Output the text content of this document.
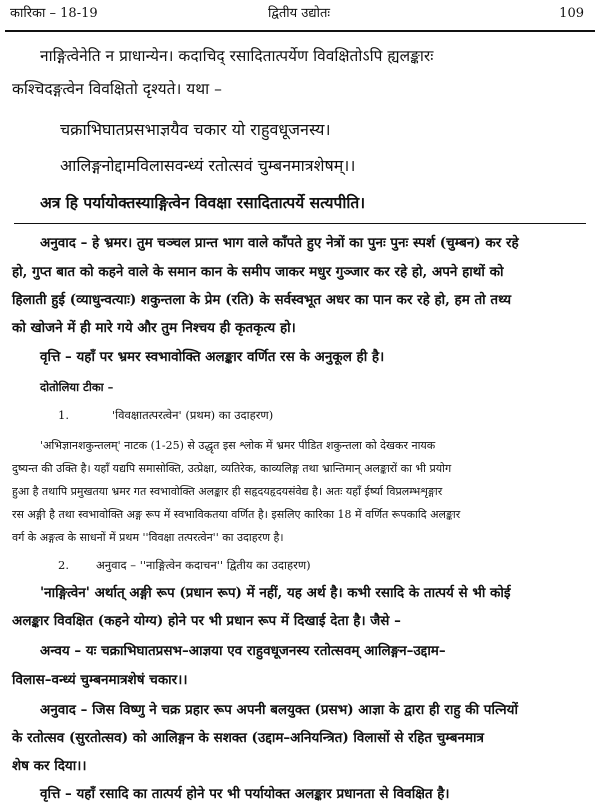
कारिका – 18-19	द्वितीय उद्योतः	109
नाङ्गित्वेनेति न प्राधान्येन। कदाचिद् रसादितात्पर्येण विवक्षितोऽपि ह्यलङ्कारः
कश्चिदङ्गत्वेन विवक्षितो दृश्यते। यथा –
चक्राभिघातप्रसभाज्ञयैव चकार यो राहुवधूजनस्य।
आलिङ्गनोद्दामविलासवन्ध्यं रतोत्सवं चुम्बनमात्रशेषम्।।
अत्र हि पर्यायोक्तस्याङ्गित्वेन विवक्षा रसादितात्पर्ये सत्यपीति।
अनुवाद – हे भ्रमर। तुम चञ्चल प्रान्त भाग वाले काँपते हुए नेत्रों का पुनः पुनः स्पर्श (चुम्बन) कर रहे
हो, गुप्त बात को कहने वाले के समान कान के समीप जाकर मधुर गुञ्जार कर रहे हो, अपने हाथों को
हिलाती हुई (व्याधुन्वत्याः) शकुन्तला के प्रेम (रति) के सर्वस्वभूत अधर का पान कर रहे हो, हम तो तथ्य
को खोजने में ही मारे गये और तुम निश्चय ही कृतकृत्य हो।
वृत्ति – यहाँ पर भ्रमर स्वभावोक्ति अलङ्कार वर्णित रस के अनुकूल ही है।
दोतोलिया टीका –
1.	'विवक्षातत्परत्वेन' (प्रथम) का उदाहरण)
'अभिज्ञानशकुन्तलम्' नाटक (1-25) से उद्धृत इस श्लोक में भ्रमर पीडित शकुन्तला को देखकर नायक
दुष्यन्त की उक्ति है। यहाँ यद्यपि समासोक्ति, उत्प्रेक्षा, व्यतिरेक, काव्यलिङ्ग तथा भ्रान्तिमान् अलङ्कारों का भी प्रयोग
हुआ है तथापि प्रमुखतया भ्रमर गत स्वभावोक्ति अलङ्कार ही सहृदयहृदयसंवेद्य है। अतः यहाँ ईर्ष्या विप्रलम्भशृङ्गार
रस अङ्गी है तथा स्वभावोक्ति अङ्ग रूप में स्वभाविकतया वर्णित है। इसलिए कारिका 18 में वर्णित रूपकादि अलङ्कार
वर्ग के अङ्गत्व के साधनों में प्रथम ''विवक्षा तत्परत्वेन'' का उदाहरण है।
2. अनुवाद – ''नाङ्गित्वेन कदाचन'' द्वितीय का उदाहरण)
'नाङ्गित्वेन' अर्थात् अङ्गी रूप (प्रधान रूप) में नहीं, यह अर्थ है। कभी रसादि के तात्पर्य से भी कोई
अलङ्कार विवक्षित (कहने योग्य) होने पर भी प्रधान रूप में दिखाई देता है। जैसे –
अन्वय – यः चक्राभिघातप्रसभ–आज्ञया एव राहुवधूजनस्य रतोत्सवम् आलिङ्गन–उद्दाम–
विलास–वन्ध्यं चुम्बनमात्रशेषं चकार।।
अनुवाद – जिस विष्णु ने चक्र प्रहार रूप अपनी बलयुक्त (प्रसभ) आज्ञा के द्वारा ही राहु की पत्नियों
के रतोत्सव (सुरतोत्सव) को आलिङ्गन के सशक्त (उद्दाम–अनियन्त्रित) विलासों से रहित चुम्बनमात्र
शेष कर दिया।।
वृत्ति – यहाँ रसादि का तात्पर्य होने पर भी पर्यायोक्त अलङ्कार प्रधानता से विवक्षित है।
